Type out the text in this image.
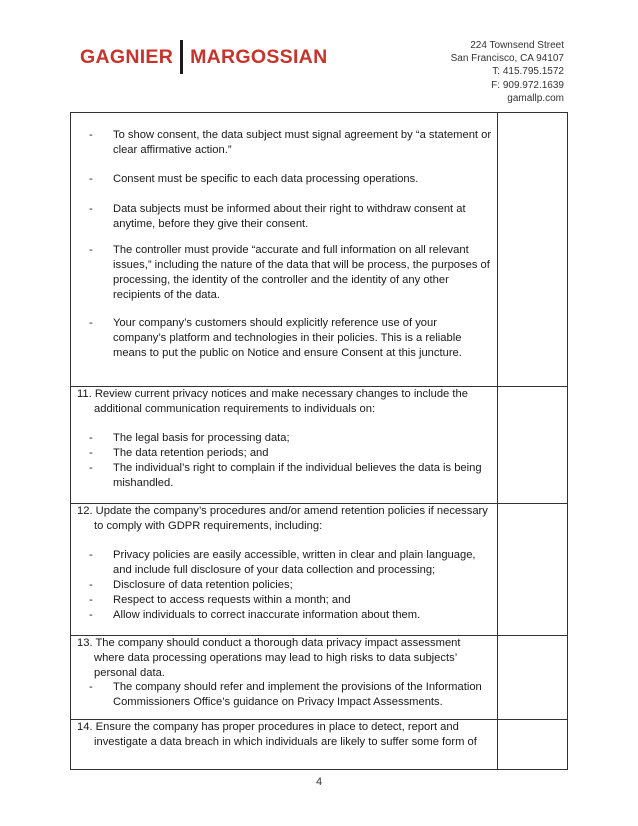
GAGNIER MARGOSSIAN	224 Townsend Street
San Francisco, CA 94107
T: 415.795.1572
F: 909.972.1639
gamallp.com
-	To show consent, the data subject must signal agreement by “a statement or clear affirmative action.”
-	Consent must be specific to each data processing operations.
-	Data subjects must be informed about their right to withdraw consent at anytime, before they give their consent.
-	The controller must provide “accurate and full information on all relevant issues,” including the nature of the data that will be process, the purposes of processing, the identity of the controller and the identity of any other recipients of the data.
-	Your company’s customers should explicitly reference use of your company’s platform and technologies in their policies. This is a reliable means to put the public on Notice and ensure Consent at this juncture.
11. Review current privacy notices and make necessary changes to include the additional communication requirements to individuals on:
-	The legal basis for processing data;
-	The data retention periods; and
-	The individual’s right to complain if the individual believes the data is being mishandled.
12. Update the company’s procedures and/or amend retention policies if necessary to comply with GDPR requirements, including:
-	Privacy policies are easily accessible, written in clear and plain language, and include full disclosure of your data collection and processing;
-	Disclosure of data retention policies;
-	Respect to access requests within a month; and
-	Allow individuals to correct inaccurate information about them.
13. The company should conduct a thorough data privacy impact assessment where data processing operations may lead to high risks to data subjects’ personal data.
-	The company should refer and implement the provisions of the Information Commissioners Office’s guidance on Privacy Impact Assessments.
14. Ensure the company has proper procedures in place to detect, report and investigate a data breach in which individuals are likely to suffer some form of
4
